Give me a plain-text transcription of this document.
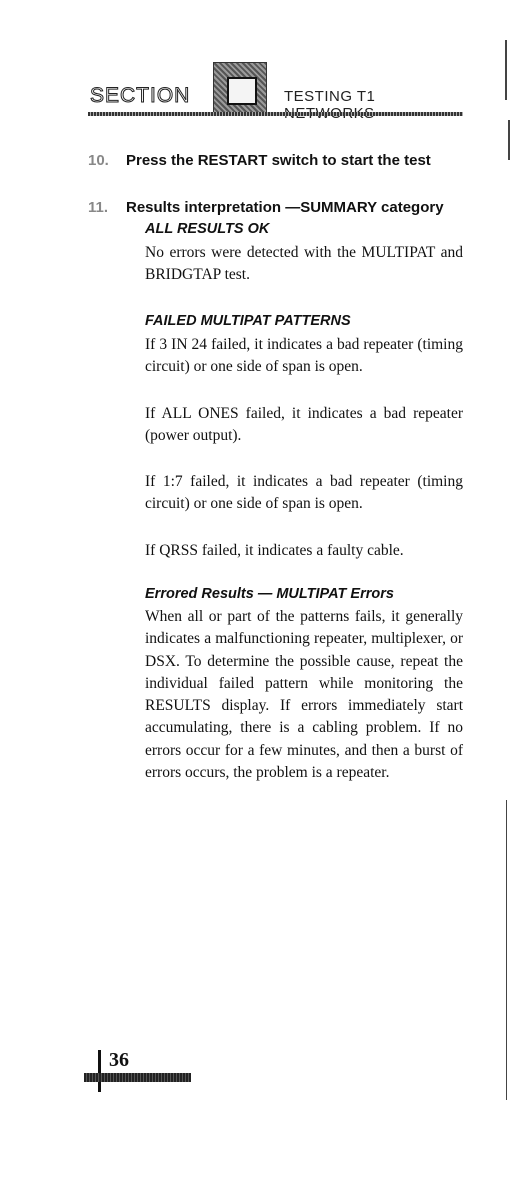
SECTION	TESTING T1
10. Press the RESTART switch to start the test
11. Results interpretation —SUMMARY category
ALL RESULTS OK
No errors were detected with the MULTIPAT and BRIDGTAP test.
FAILED MULTIPAT PATTERNS
If 3 IN 24 failed, it indicates a bad repeater (timing circuit) or one side of span is open.
If ALL ONES failed, it indicates a bad repeater (power output).
If 1:7 failed, it indicates a bad repeater (timing circuit) or one side of span is open.
If QRSS failed, it indicates a faulty cable.
Errored Results — MULTIPAT Errors
When all or part of the patterns fails, it generally indicates a malfunctioning repeater, multiplexer, or DSX. To determine the possible cause, repeat the individual failed pattern while monitoring the RESULTS display. If errors immediately start accumulating, there is a cabling problem. If no errors occur for a few minutes, and then a burst of errors occurs, the problem is a repeater.
36
